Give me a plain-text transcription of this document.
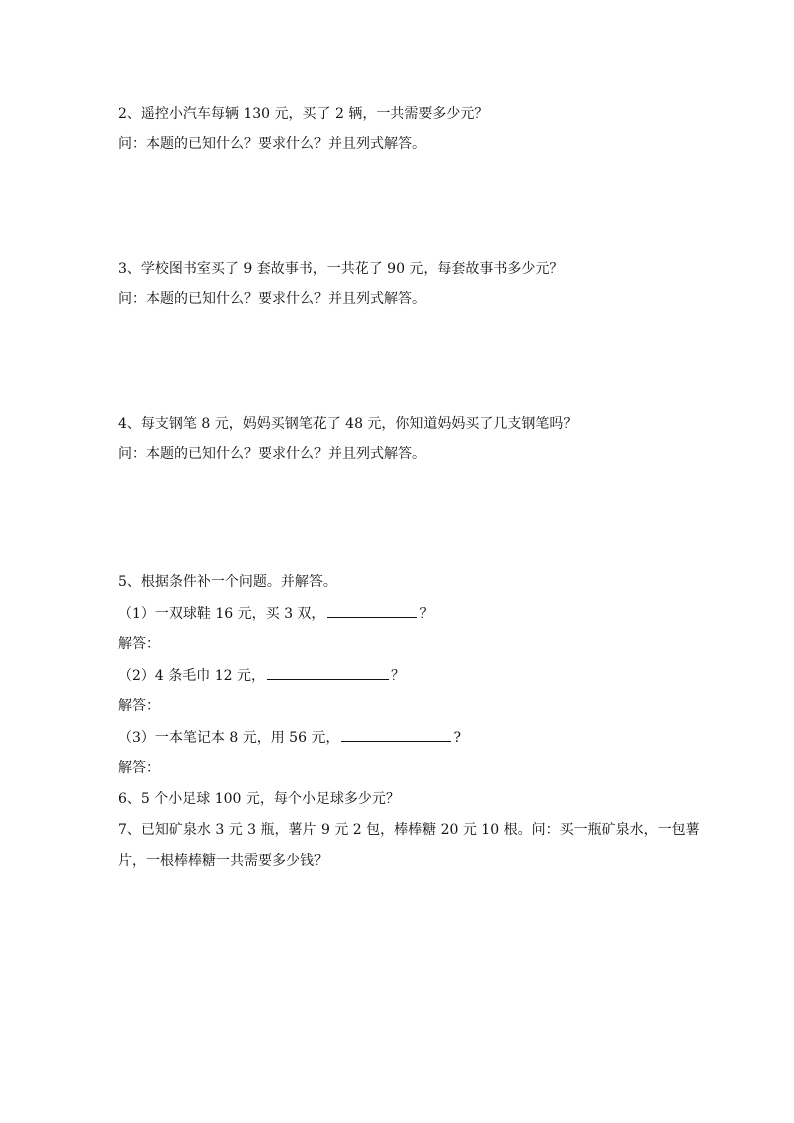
2、遥控小汽车每辆 130 元，买了 2 辆，一共需要多少元？
问：本题的已知什么？要求什么？并且列式解答。
3、学校图书室买了 9 套故事书，一共花了 90 元，每套故事书多少元？
问：本题的已知什么？要求什么？并且列式解答。
4、每支钢笔 8 元，妈妈买钢笔花了 48 元，你知道妈妈买了几支钢笔吗？
问：本题的已知什么？要求什么？并且列式解答。
5、根据条件补一个问题。并解答。
（1）一双球鞋 16 元，买 3 双，	？
解答：
（2）4 条毛巾 12 元，	？
解答：
（3）一本笔记本 8 元，用 56 元，	?
解答：
6、5 个小足球 100 元，每个小足球多少元？
7、已知矿泉水 3 元 3 瓶，薯片 9 元 2 包，棒棒糖 20 元 10 根。问：买一瓶矿泉水，一包薯
片，一根棒棒糖一共需要多少钱？
